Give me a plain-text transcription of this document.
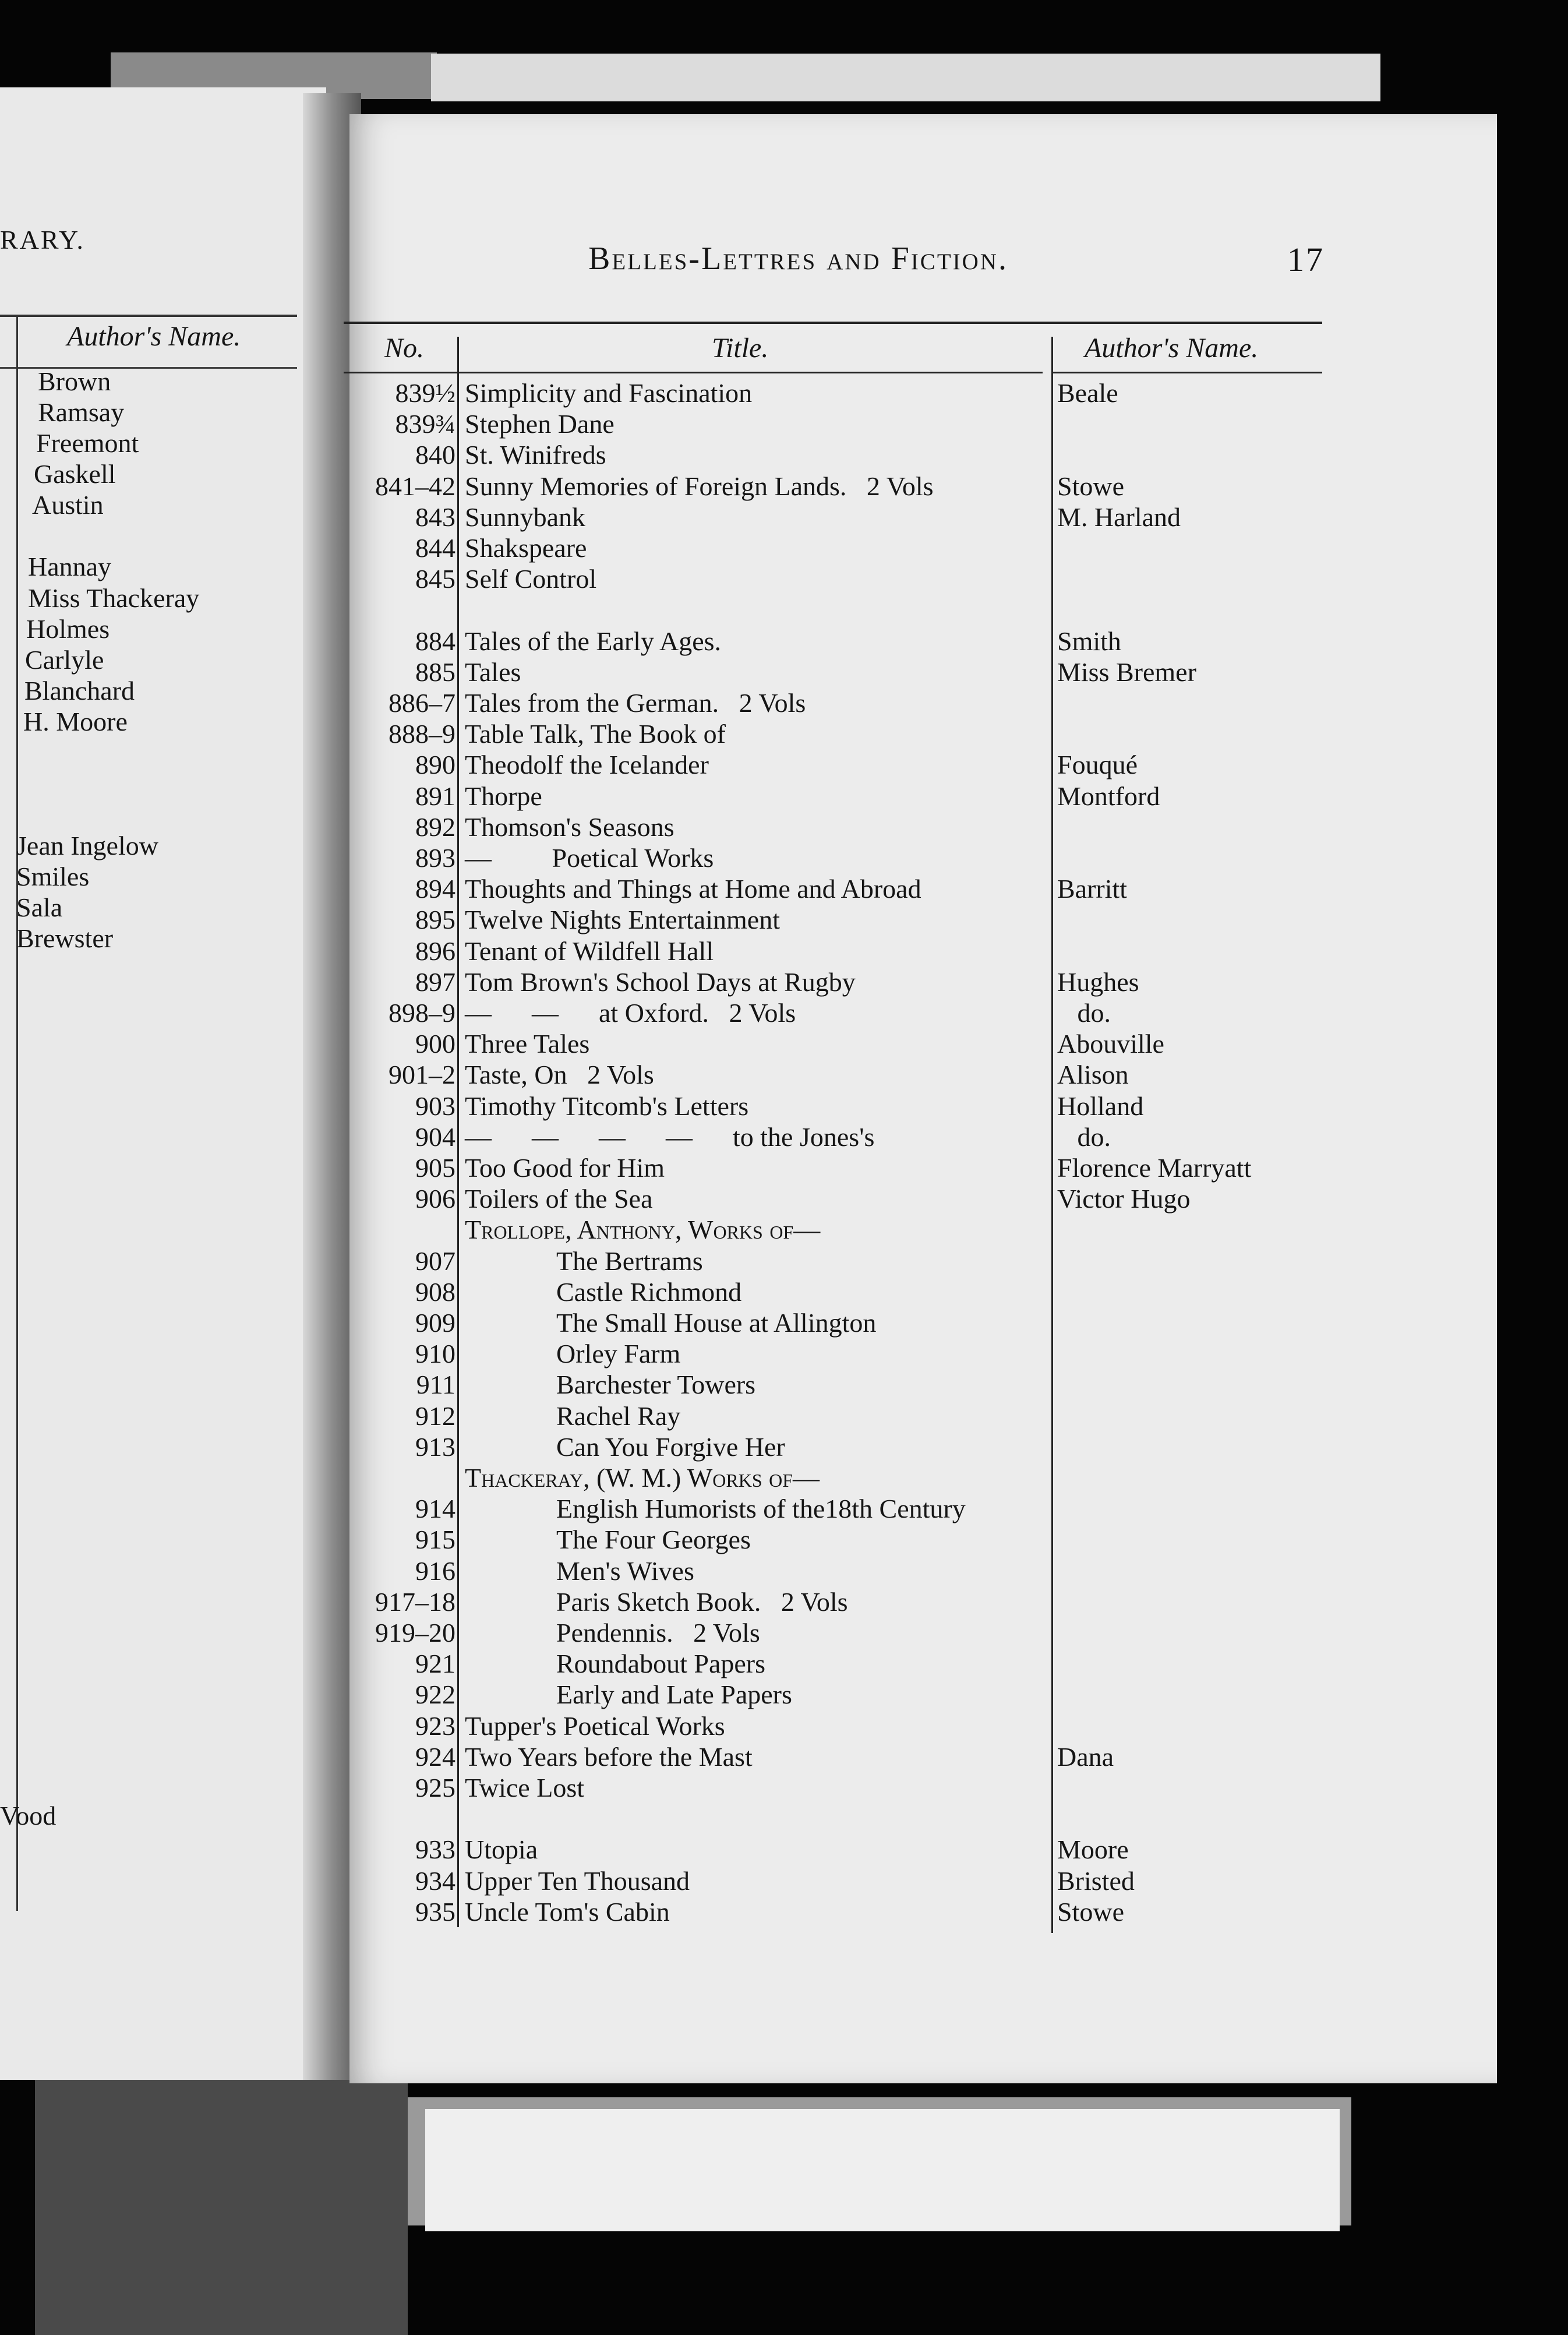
RARY.
Author's Name.
Brown
Ramsay
Freemont
Gaskell
Austin
Hannay
Miss Thackeray
Holmes
Carlyle
Blanchard
H. Moore
Jean Ingelow
Smiles
Sala
Brewster
Vood
Belles-Lettres and Fiction.	17
No.	Title.	Author's Name.
839½ Simplicity and Fascination	Beale
839¾ Stephen Dane
840 St. Winifreds
841–42 Sunny Memories of Foreign Lands.   2 Vols	Stowe
843 Sunnybank	M. Harland
844 Shakspeare
845 Self Control
884 Tales of the Early Ages.	Smith
885 Tales	Miss Bremer
886–7 Tales from the German.   2 Vols
888–9 Table Talk, The Book of
890 Theodolf the Icelander	Fouqué
891 Thorpe	Montford
892 Thomson's Seasons
893 —         Poetical Works
894 Thoughts and Things at Home and Abroad	Barritt
895 Twelve Nights Entertainment
896 Tenant of Wildfell Hall
897 Tom Brown's School Days at Rugby	Hughes
898–9 —      —      at Oxford.   2 Vols	do.
900 Three Tales	Abouville
901–2 Taste, On   2 Vols	Alison
903 Timothy Titcomb's Letters	Holland
904 —      —      —      —      to the Jones's	do.
905 Too Good for Him	Florence Marryatt
906 Toilers of the Sea	Victor Hugo
Trollope, Anthony, Works of—
907	The Bertrams
908	Castle Richmond
909	The Small House at Allington
910	Orley Farm
911	Barchester Towers
912	Rachel Ray
913	Can You Forgive Her
Thackeray, (W. M.) Works of—
914	English Humorists of the18th Century
915	The Four Georges
916	Men's Wives
917–18	Paris Sketch Book.   2 Vols
919–20	Pendennis.   2 Vols
921	Roundabout Papers
922	Early and Late Papers
923 Tupper's Poetical Works
924 Two Years before the Mast	Dana
925 Twice Lost
933 Utopia	Moore
934 Upper Ten Thousand	Bristed
935 Uncle Tom's Cabin	Stowe
